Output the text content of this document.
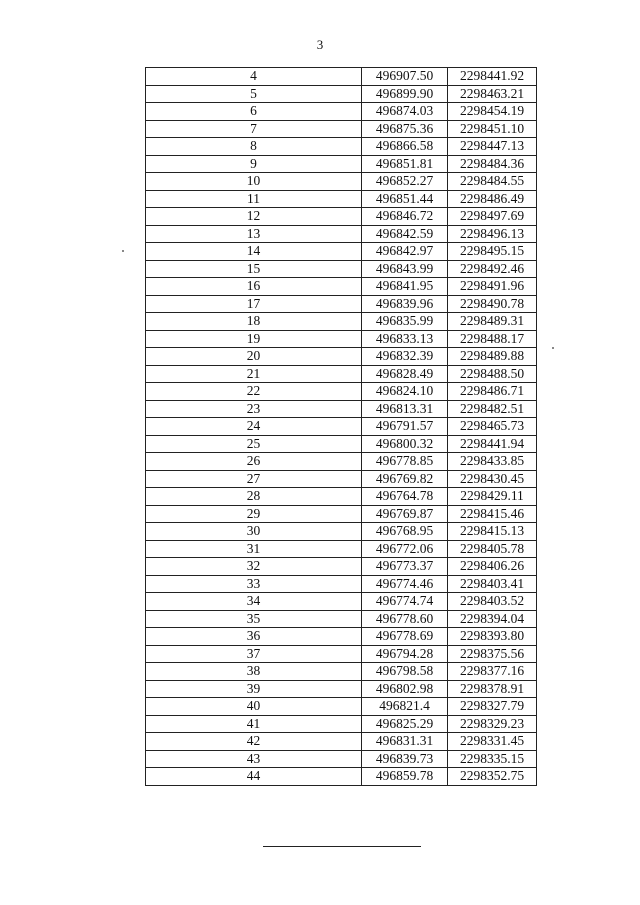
3
4	496907.50	2298441.92
5	496899.90	2298463.21
6	496874.03	2298454.19
7	496875.36	2298451.10
8	496866.58	2298447.13
9	496851.81	2298484.36
10	496852.27	2298484.55
11	496851.44	2298486.49
12	496846.72	2298497.69
13	496842.59	2298496.13
14	496842.97	2298495.15
15	496843.99	2298492.46
16	496841.95	2298491.96
17	496839.96	2298490.78
18	496835.99	2298489.31
19	496833.13	2298488.17
20	496832.39	2298489.88
21	496828.49	2298488.50
22	496824.10	2298486.71
23	496813.31	2298482.51
24	496791.57	2298465.73
25	496800.32	2298441.94
26	496778.85	2298433.85
27	496769.82	2298430.45
28	496764.78	2298429.11
29	496769.87	2298415.46
30	496768.95	2298415.13
31	496772.06	2298405.78
32	496773.37	2298406.26
33	496774.46	2298403.41
34	496774.74	2298403.52
35	496778.60	2298394.04
36	496778.69	2298393.80
37	496794.28	2298375.56
38	496798.58	2298377.16
39	496802.98	2298378.91
40	496821.4	2298327.79
41	496825.29	2298329.23
42	496831.31	2298331.45
43	496839.73	2298335.15
44	496859.78	2298352.75
